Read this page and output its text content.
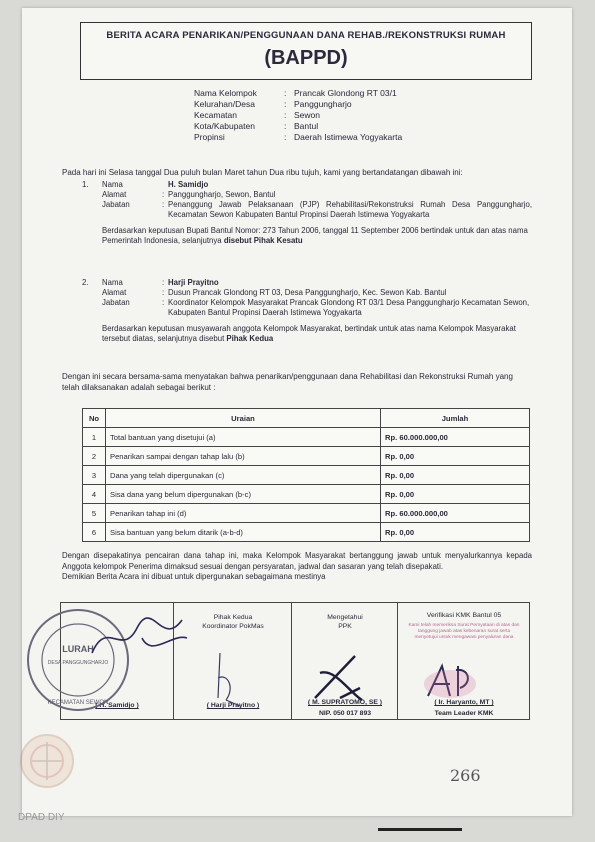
BERITA ACARA PENARIKAN/PENGGUNAAN DANA REHAB./REKONSTRUKSI RUMAH
(BAPPD)
Nama Kelompok	: Prancak Glondong RT 03/1
Kelurahan/Desa	: Panggungharjo
Kecamatan	: Sewon
Kota/Kabupaten	: Bantul
Propinsi	: Daerah Istimewa Yogyakarta
Pada hari ini Selasa tanggal Dua puluh bulan Maret tahun Dua ribu tujuh, kami yang bertandatangan dibawah ini:
1.	Nama	H. Samidjo
Alamat	: Panggungharjo, Sewon, Bantul
Jabatan	: Penanggung Jawab Pelaksanaan (PJP) Rehabilitasi/Rekonstruksi Rumah Desa Panggungharjo, Kecamatan Sewon Kabupaten Bantul Propinsi Daerah Istimewa Yogyakarta
Berdasarkan keputusan Bupati Bantul Nomor: 273 Tahun 2006, tanggal 11 September 2006 bertindak untuk dan atas nama Pemerintah Indonesia, selanjutnya disebut Pihak Kesatu
2.	Nama	: Harji Prayitno
Alamat	: Dusun Prancak Glondong RT 03, Desa Panggungharjo, Kec. Sewon Kab. Bantul
Jabatan	: Koordinator Kelompok Masyarakat Prancak Glondong RT 03/1 Desa Panggungharjo Kecamatan Sewon, Kabupaten Bantul Propinsi Daerah Istimewa Yogyakarta
Berdasarkan keputusan musyawarah anggota Kelompok Masyarakat, bertindak untuk atas nama Kelompok Masyarakat tersebut diatas, selanjutnya disebut Pihak Kedua
Dengan ini secara bersama-sama menyatakan bahwa penarikan/penggunaan dana Rehabilitasi dan Rekonstruksi Rumah yang telah dilaksanakan adalah sebagai berikut :
No	Uraian	Jumlah
1	Total bantuan yang disetujui (a)	Rp. 60.000.000,00
2	Penarikan sampai dengan tahap lalu (b)	Rp. 0,00
3	Dana yang telah dipergunakan (c)	Rp. 0,00
4	Sisa dana yang belum dipergunakan (b-c)	Rp. 0,00
5	Penarikan tahap ini (d)	Rp. 60.000.000,00
6	Sisa bantuan yang belum ditarik (a-b-d)	Rp. 0,00
Dengan disepakatinya pencairan dana tahap ini, maka Kelompok Masyarakat bertanggung jawab untuk menyalurkannya kepada Anggota kelompok Penerima dimaksud sesuai dengan persyaratan, jadwal dan sasaran yang telah disepakati.
Demikian Berita Acara ini dibuat untuk dipergunakan sebagaimana mestinya
( H. Samidjo )
Pihak Kedua
Koordinator PokMas
( Harji Prayitno )
Mengetahui
PPK
( M. SUPRATOMO, SE )
NIP. 050 017 893
Verifikasi KMK Bantul 05
Kami telah memeriksa Surat Pernyataan di atas dan tanggung jawab atas kebenaran surat serta menyetujui untuk mengawasi penyaluran dana
( Ir. Haryanto, MT )
Team Leader KMK
LURAH
DESA PANGGUNGHARJO
KECAMATAN SEWON
266
DPAD DIY
